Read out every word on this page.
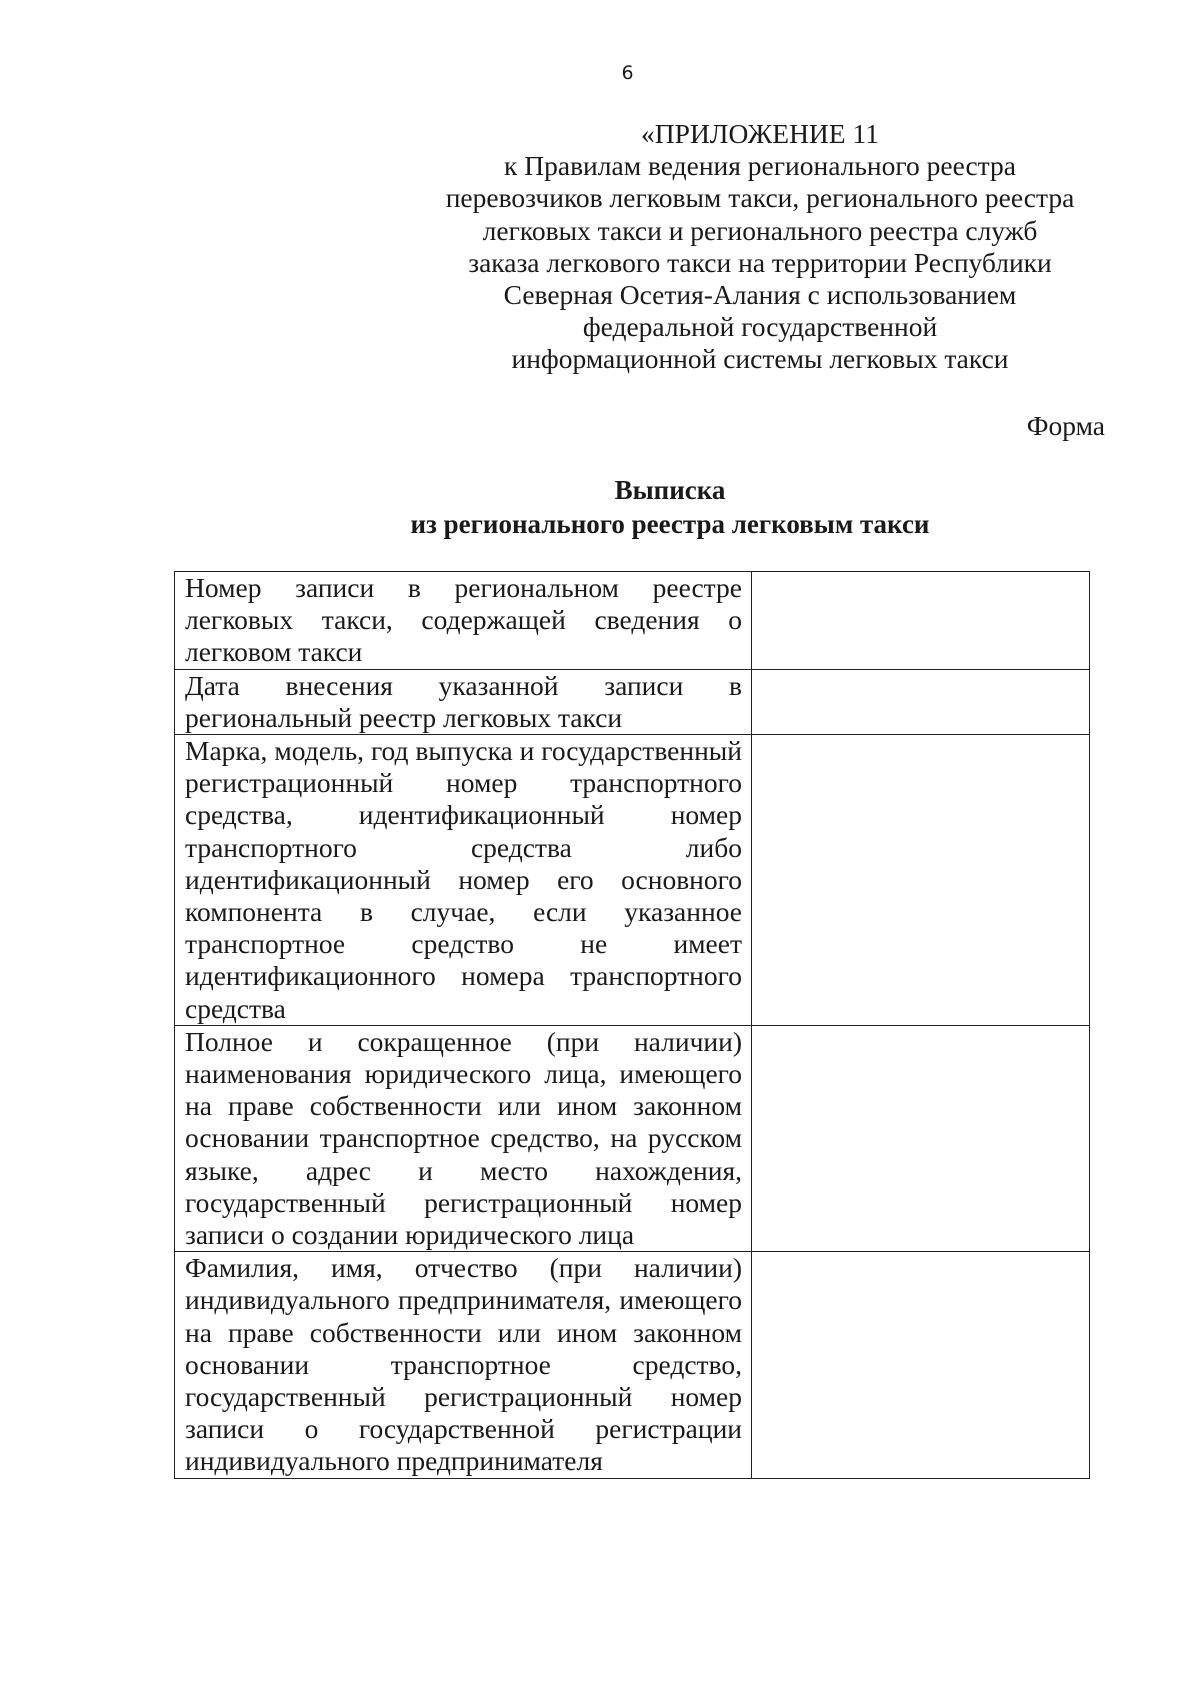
6
«ПРИЛОЖЕНИЕ 11
к Правилам ведения регионального реестра
перевозчиков легковым такси, регионального реестра
легковых такси и регионального реестра служб
заказа легкового такси на территории Республики
Северная Осетия-Алания с использованием
федеральной государственной
информационной системы легковых такси
Форма
Выписка
из регионального реестра легковым такси
Номер записи в региональном реестре легковых такси, содержащей сведения о легковом такси	
Дата внесения указанной записи в региональный реестр легковых такси	
Марка, модель, год выпуска и государственный регистрационный номер транспортного средства, идентификационный номер транспортного средства либо идентификационный номер его основного компонента в случае, если указанное транспортное средство не имеет идентификационного номера транспортного средства	
Полное и сокращенное (при наличии) наименования юридического лица, имеющего на праве собственности или ином законном основании транспортное средство, на русском языке, адрес и место нахождения, государственный регистрационный номер записи о создании юридического лица	
Фамилия, имя, отчество (при наличии) индивидуального предпринимателя, имеющего на праве собственности или ином законном основании транспортное средство, государственный регистрационный номер записи о государственной регистрации индивидуального предпринимателя	
